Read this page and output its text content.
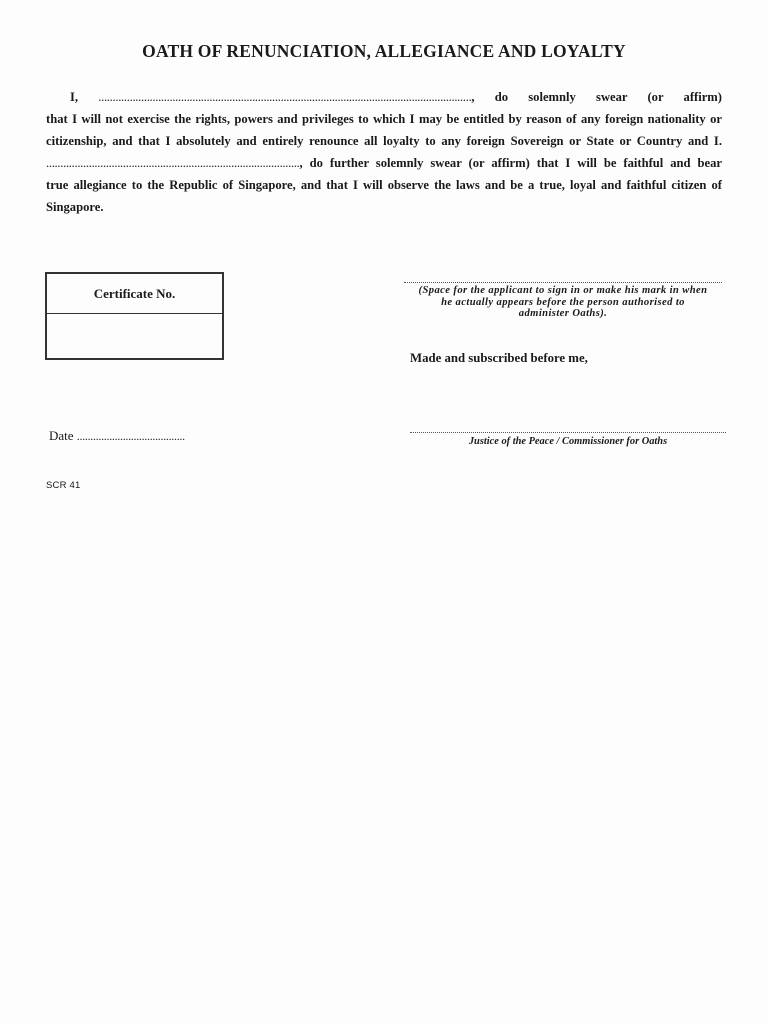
OATH OF RENUNCIATION, ALLEGIANCE AND LOYALTY
I, ..................................................................................................................................., do solemnly swear (or affirm)
that I will not exercise the rights, powers and privileges to which I may be entitled by reason of any foreign nationality or
citizenship, and that I absolutely and entirely renounce all loyalty to any foreign Sovereign or State or Country and I.
........................................................................................., do further solemnly swear (or affirm) that I will be faithful and bear
true allegiance to the Republic of Singapore, and that I will observe the laws and be a true, loyal and faithful citizen of
Singapore.
Certificate No.	(Space for the applicant to sign in or make his mark in when
he actually appears before the person authorised to
administer Oaths).
Made and subscribed before me,
Justice of the Peace / Commissioner for Oaths
Date ........................................
SCR 41
